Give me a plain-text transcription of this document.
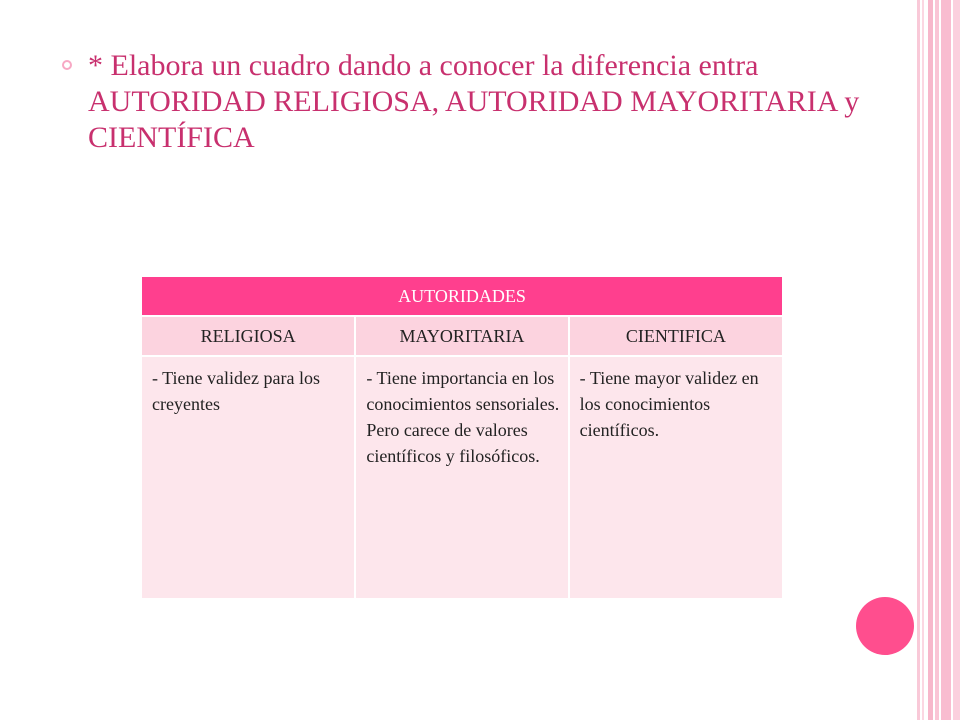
* Elabora un cuadro dando a conocer la diferencia entra AUTORIDAD RELIGIOSA, AUTORIDAD MAYORITARIA y CIENTÍFICA
AUTORIDADES		
RELIGIOSA	MAYORITARIA	CIENTIFICA
- Tiene validez para los creyentes	- Tiene importancia en los conocimientos sensoriales. Pero carece de valores científicos y filosóficos.	- Tiene mayor validez en los conocimientos científicos.
